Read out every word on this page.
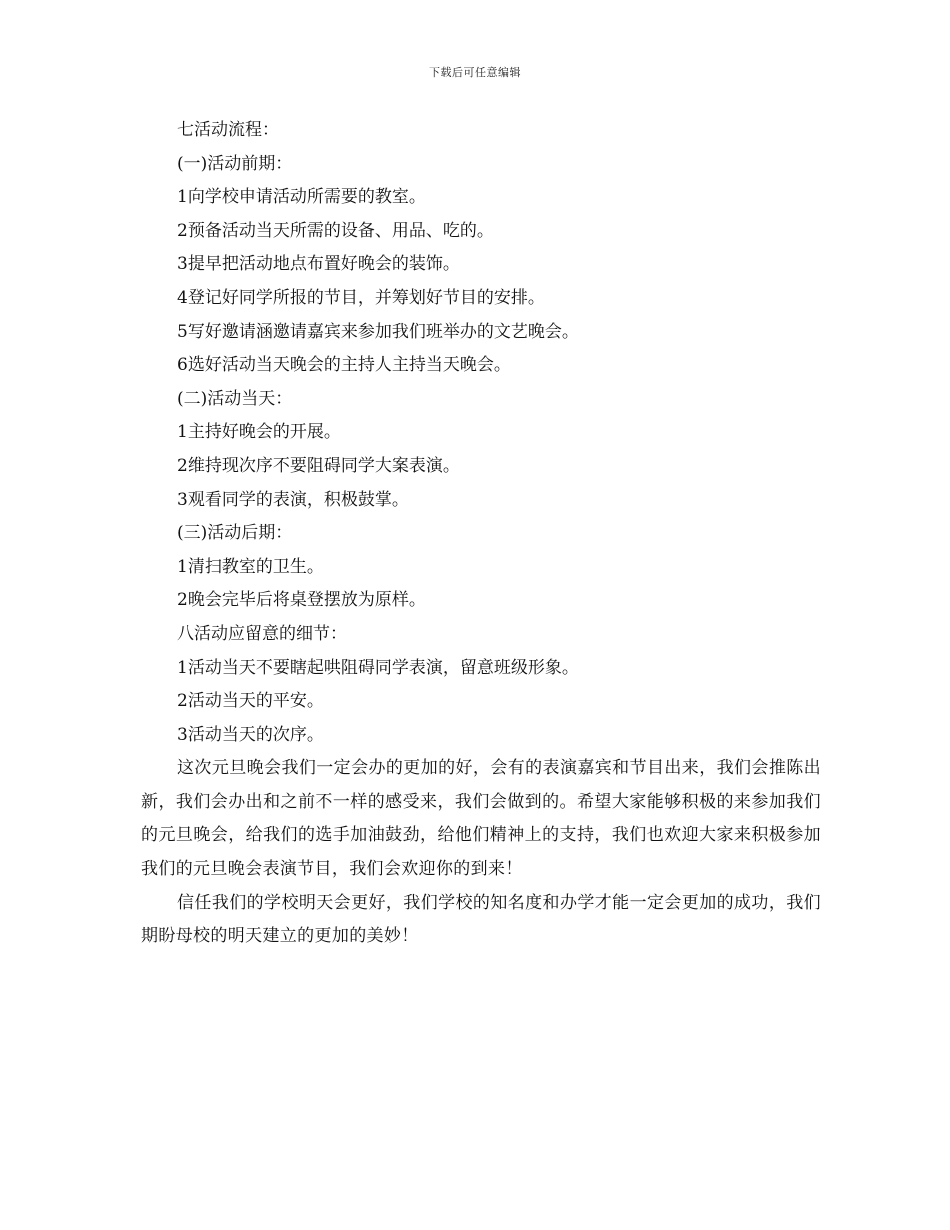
下载后可任意编辑
七活动流程：
(一)活动前期：
1向学校申请活动所需要的教室。
2预备活动当天所需的设备、用品、吃的。
3提早把活动地点布置好晚会的装饰。
4登记好同学所报的节目，并筹划好节目的安排。
5写好邀请涵邀请嘉宾来参加我们班举办的文艺晚会。
6选好活动当天晚会的主持人主持当天晚会。
(二)活动当天：
1主持好晚会的开展。
2维持现次序不要阻碍同学大案表演。
3观看同学的表演，积极鼓掌。
(三)活动后期：
1清扫教室的卫生。
2晚会完毕后将桌登摆放为原样。
八活动应留意的细节：
1活动当天不要瞎起哄阻碍同学表演，留意班级形象。
2活动当天的平安。
3活动当天的次序。

这次元旦晚会我们一定会办的更加的好，会有的表演嘉宾和节目出来，我们会推陈出新，我们会办出和之前不一样的感受来，我们会做到的。希望大家能够积极的来参加我们的元旦晚会，给我们的选手加油鼓劲，给他们精神上的支持，我们也欢迎大家来积极参加我们的元旦晚会表演节目，我们会欢迎你的到来！

信任我们的学校明天会更好，我们学校的知名度和办学才能一定会更加的成功，我们期盼母校的明天建立的更加的美妙！
